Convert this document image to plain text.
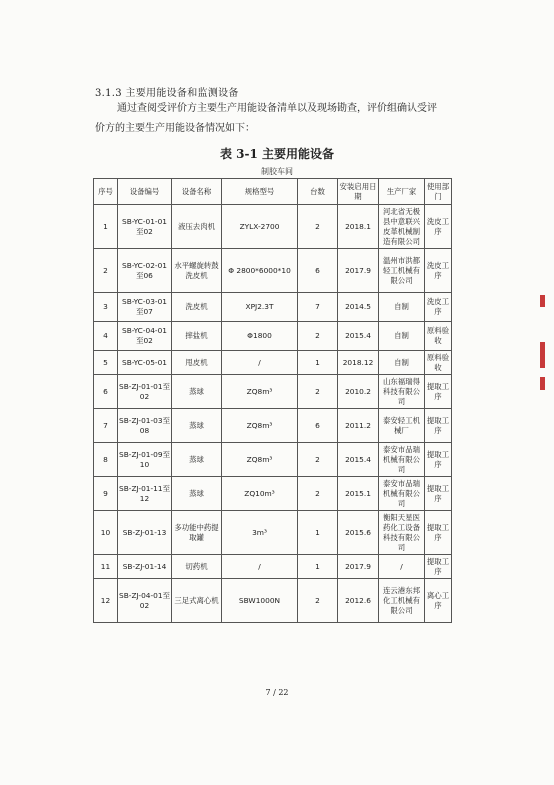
3.1.3 主要用能设备和监测设备
通过查阅受评价方主要生产用能设备清单以及现场勘查，评价组确认受评
价方的主要生产用能设备情况如下：
表 3-1 主要用能设备
制胶车间
序号	设备编号	设备名称	规格型号	台数	安装启用日期	生产厂家	使用部门
1	SB-YC-01-01至02	液压去肉机	ZYLX-2700	2	2018.1	河北省无极县中意联兴皮革机械制造有限公司	洗皮工序
2	SB-YC-02-01至06	水平螺旋转鼓洗皮机	Φ 2800*6000*10	6	2017.9	温州市洪都轻工机械有限公司	洗皮工序
3	SB-YC-03-01至07	洗皮机	XPJ2.3T	7	2014.5	自制	洗皮工序
4	SB-YC-04-01至02	摔盐机	Φ1800	2	2015.4	自制	原料验收
5	SB-YC-05-01	甩皮机	/	1	2018.12	自制	原料验收
6	SB-ZJ-01-01至02	蒸球	ZQ8m³	2	2010.2	山东福瑞得科技有限公司	提取工序
7	SB-ZJ-01-03至08	蒸球	ZQ8m³	6	2011.2	泰安轻工机械厂	提取工序
8	SB-ZJ-01-09至10	蒸球	ZQ8m³	2	2015.4	泰安市品瑞机械有限公司	提取工序
9	SB-ZJ-01-11至12	蒸球	ZQ10m³	2	2015.1	泰安市品瑞机械有限公司	提取工序
10	SB-ZJ-01-13	多功能中药提取罐	3m³	1	2015.6	衡阳天星医药化工设备科技有限公司	提取工序
11	SB-ZJ-01-14	切药机	/	1	2017.9	/	提取工序
12	SB-ZJ-04-01至02	三足式离心机	SBW1000N	2	2012.6	连云港东邦化工机械有限公司	离心工序
7 / 22
